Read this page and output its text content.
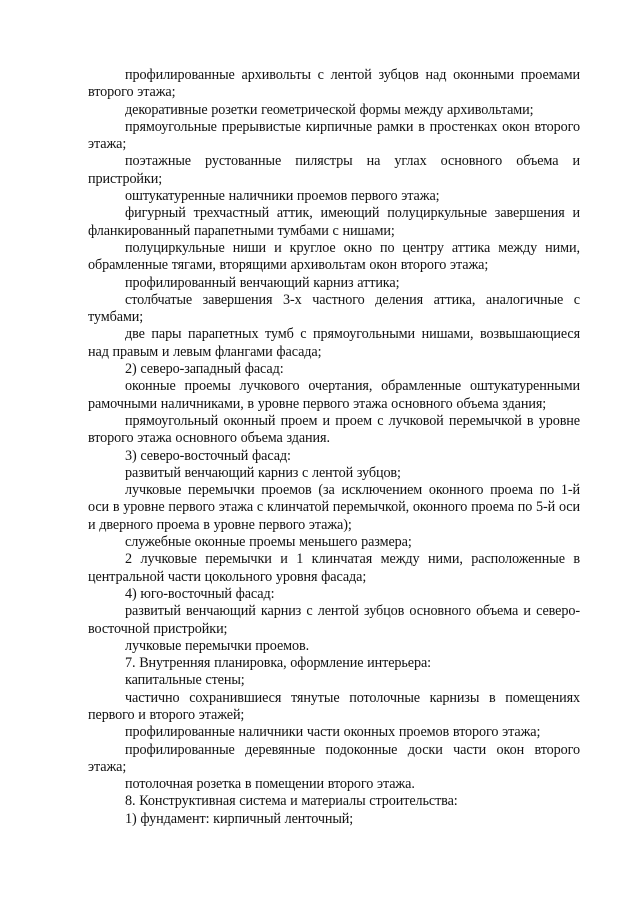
профилированные архивольты с лентой зубцов над оконными проемами второго этажа;

декоративные розетки геометрической формы между архивольтами;

прямоугольные прерывистые кирпичные рамки в простенках окон второго этажа;

поэтажные рустованные пилястры на углах основного объема и пристройки;

оштукатуренные наличники проемов первого этажа;

фигурный трехчастный аттик, имеющий полуциркульные завершения и фланкированный парапетными тумбами с нишами;

полуциркульные ниши и круглое окно по центру аттика между ними, обрамленные тягами, вторящими архивольтам окон второго этажа;

профилированный венчающий карниз аттика;

столбчатые завершения 3-х частного деления аттика, аналогичные с тумбами;

две пары парапетных тумб с прямоугольными нишами, возвышающиеся над правым и левым флангами фасада;

2) северо-западный фасад:

оконные проемы лучкового очертания, обрамленные оштукатуренными рамочными наличниками, в уровне первого этажа основного объема здания;

прямоугольный оконный проем и проем с лучковой перемычкой в уровне второго этажа основного объема здания.

3) северо-восточный фасад:

развитый венчающий карниз с лентой зубцов;

лучковые перемычки проемов (за исключением оконного проема по 1-й оси в уровне первого этажа с клинчатой перемычкой, оконного проема по 5-й оси и дверного проема в уровне первого этажа);

служебные оконные проемы меньшего размера;

2 лучковые перемычки и 1 клинчатая между ними, расположенные в центральной части цокольного уровня фасада;

4) юго-восточный фасад:

развитый венчающий карниз с лентой зубцов основного объема и северо-восточной пристройки;

лучковые перемычки проемов.

7. Внутренняя планировка, оформление интерьера:

капитальные стены;

частично сохранившиеся тянутые потолочные карнизы в помещениях первого и второго этажей;

профилированные наличники части оконных проемов второго этажа;

профилированные деревянные подоконные доски части окон второго этажа;

потолочная розетка в помещении второго этажа.

8. Конструктивная система и материалы строительства:

1) фундамент: кирпичный ленточный;
